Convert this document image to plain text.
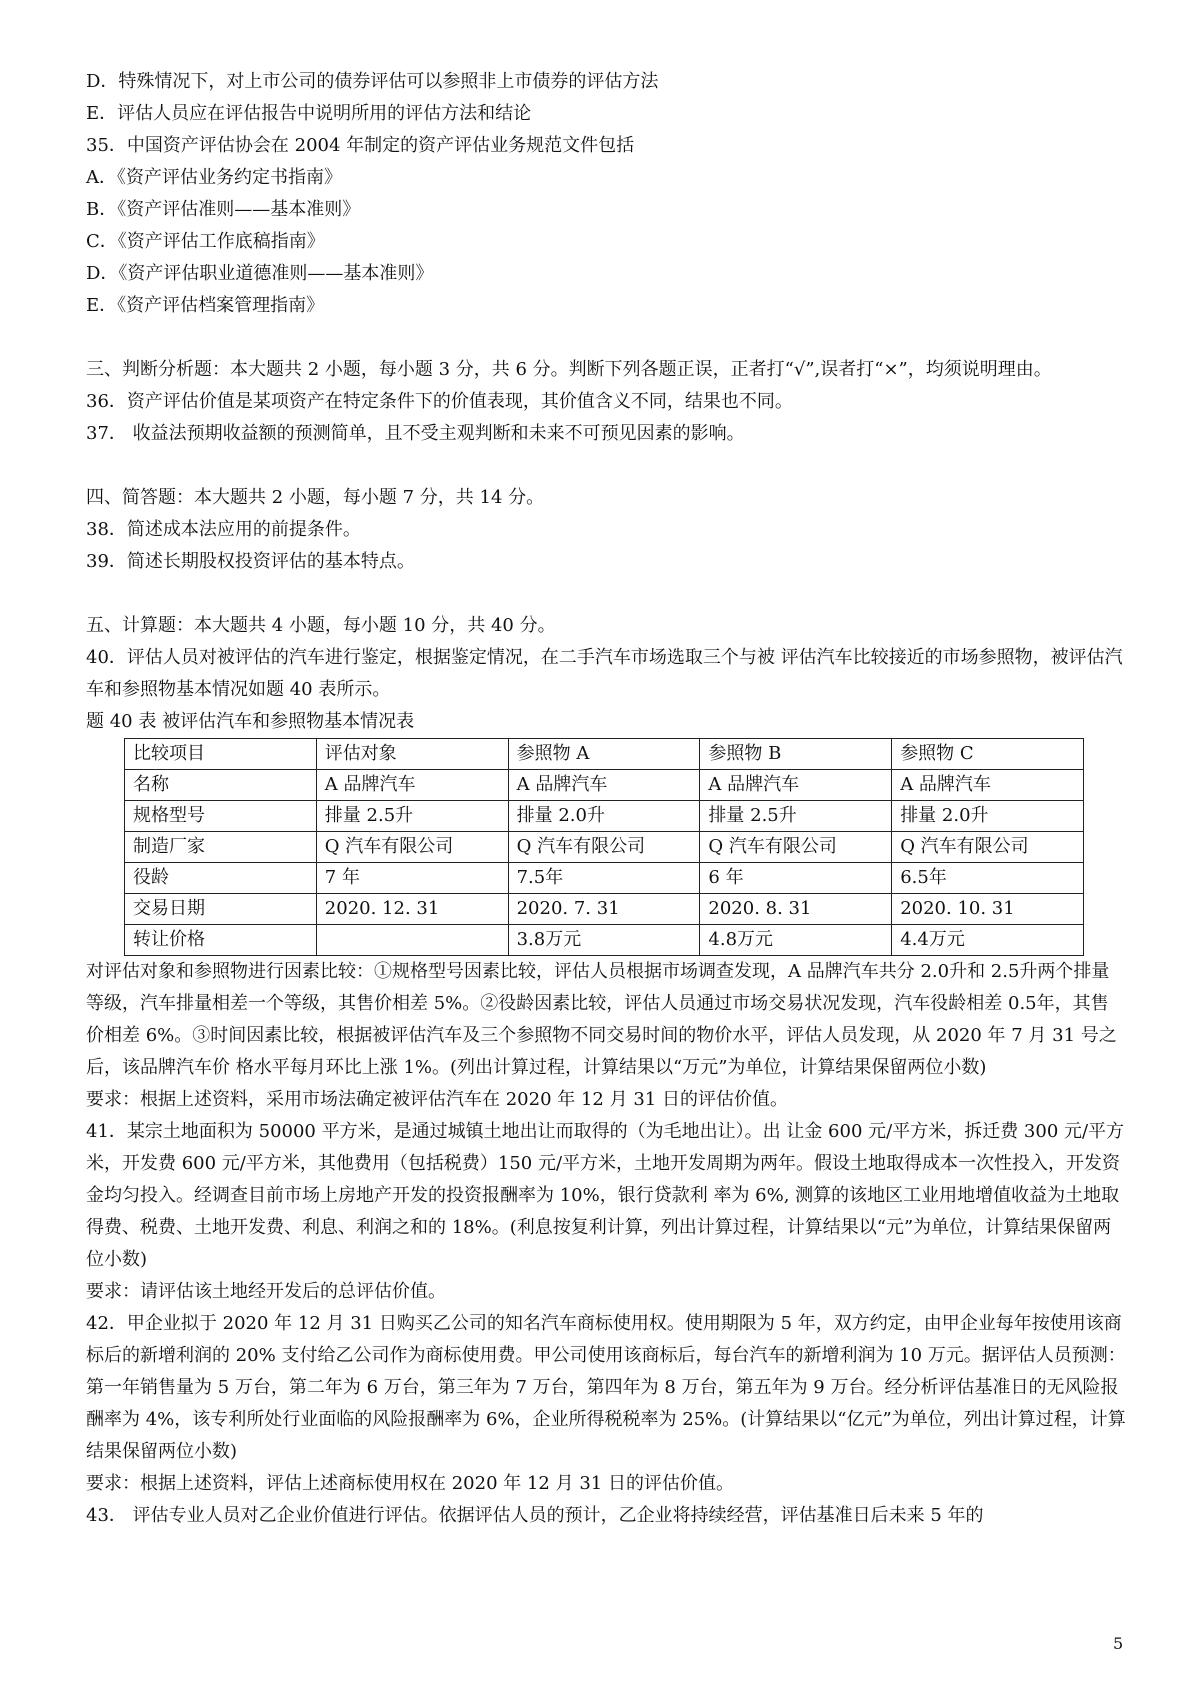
D．特殊情况下，对上市公司的债券评估可以参照非上市债券的评估方法
E．评估人员应在评估报告中说明所用的评估方法和结论
35．中国资产评估协会在 2004 年制定的资产评估业务规范文件包括
A．《资产评估业务约定书指南》
B．《资产评估准则——基本准则》
C．《资产评估工作底稿指南》
D．《资产评估职业道德准则——基本准则》
E．《资产评估档案管理指南》
三、判断分析题：本大题共 2 小题，每小题 3 分，共 6 分。判断下列各题正误，正者打“√”,误者打“×”，均须说明理由。
36．资产评估价值是某项资产在特定条件下的价值表现，其价值含义不同，结果也不同。
37． 收益法预期收益额的预测简单，且不受主观判断和未来不可预见因素的影响。
四、简答题：本大题共 2 小题，每小题 7 分，共 14 分。
38．简述成本法应用的前提条件。
39．简述长期股权投资评估的基本特点。
五、计算题：本大题共 4 小题，每小题 10 分，共 40 分。
40．评估人员对被评估的汽车进行鉴定，根据鉴定情况，在二手汽车市场选取三个与被 评估汽车比较接近的市场参照物，被评估汽车和参照物基本情况如题 40 表所示。
题 40 表 被评估汽车和参照物基本情况表
比较项目	评估对象	参照物 A	参照物 B	参照物 C
名称	A 品牌汽车	A 品牌汽车	A 品牌汽车	A 品牌汽车
规格型号	排量 2.5升	排量 2.0升	排量 2.5升	排量 2.0升
制造厂家	Q 汽车有限公司	Q 汽车有限公司	Q 汽车有限公司	Q 汽车有限公司
役龄	7 年	7.5年	6 年	6.5年
交易日期	2020. 12. 31	2020. 7. 31	2020. 8. 31	2020. 10. 31
转让价格		3.8万元	4.8万元	4.4万元
对评估对象和参照物进行因素比较：①规格型号因素比较，评估人员根据市场调查发现，A 品牌汽车共分 2.0升和 2.5升两个排量等级，汽车排量相差一个等级，其售价相差 5%。②役龄因素比较，评估人员通过市场交易状况发现，汽车役龄相差 0.5年，其售价相差 6%。③时间因素比较，根据被评估汽车及三个参照物不同交易时间的物价水平，评估人员发现，从 2020 年 7 月 31 号之后，该品牌汽车价 格水平每月环比上涨 1%。(列出计算过程，计算结果以“万元”为单位，计算结果保留两位小数)
要求：根据上述资料，采用市场法确定被评估汽车在 2020 年 12 月 31 日的评估价值。
41．某宗土地面积为 50000 平方米，是通过城镇土地出让而取得的（为毛地出让）。出 让金 600 元/平方米，拆迁费 300 元/平方米，开发费 600 元/平方米，其他费用（包括税费）150 元/平方米，土地开发周期为两年。假设土地取得成本一次性投入，开发资金均匀投入。经调查目前市场上房地产开发的投资报酬率为 10%，银行贷款利 率为 6%, 测算的该地区工业用地增值收益为土地取得费、税费、土地开发费、利息、利润之和的 18%。(利息按复利计算，列出计算过程，计算结果以“元”为单位，计算结果保留两位小数)
要求：请评估该土地经开发后的总评估价值。
42．甲企业拟于 2020 年 12 月 31 日购买乙公司的知名汽车商标使用权。使用期限为 5 年，双方约定，由甲企业每年按使用该商标后的新增利润的 20% 支付给乙公司作为商标使用费。甲公司使用该商标后，每台汽车的新增利润为 10 万元。据评估人员预测：第一年销售量为 5 万台，第二年为 6 万台，第三年为 7 万台，第四年为 8 万台，第五年为 9 万台。经分析评估基准日的无风险报酬率为 4%，该专利所处行业面临的风险报酬率为 6%，企业所得税税率为 25%。(计算结果以“亿元”为单位，列出计算过程，计算结果保留两位小数)
要求：根据上述资料，评估上述商标使用权在 2020 年 12 月 31 日的评估价值。
43． 评估专业人员对乙企业价值进行评估。依据评估人员的预计，乙企业将持续经营，评估基准日后未来 5 年的
5
